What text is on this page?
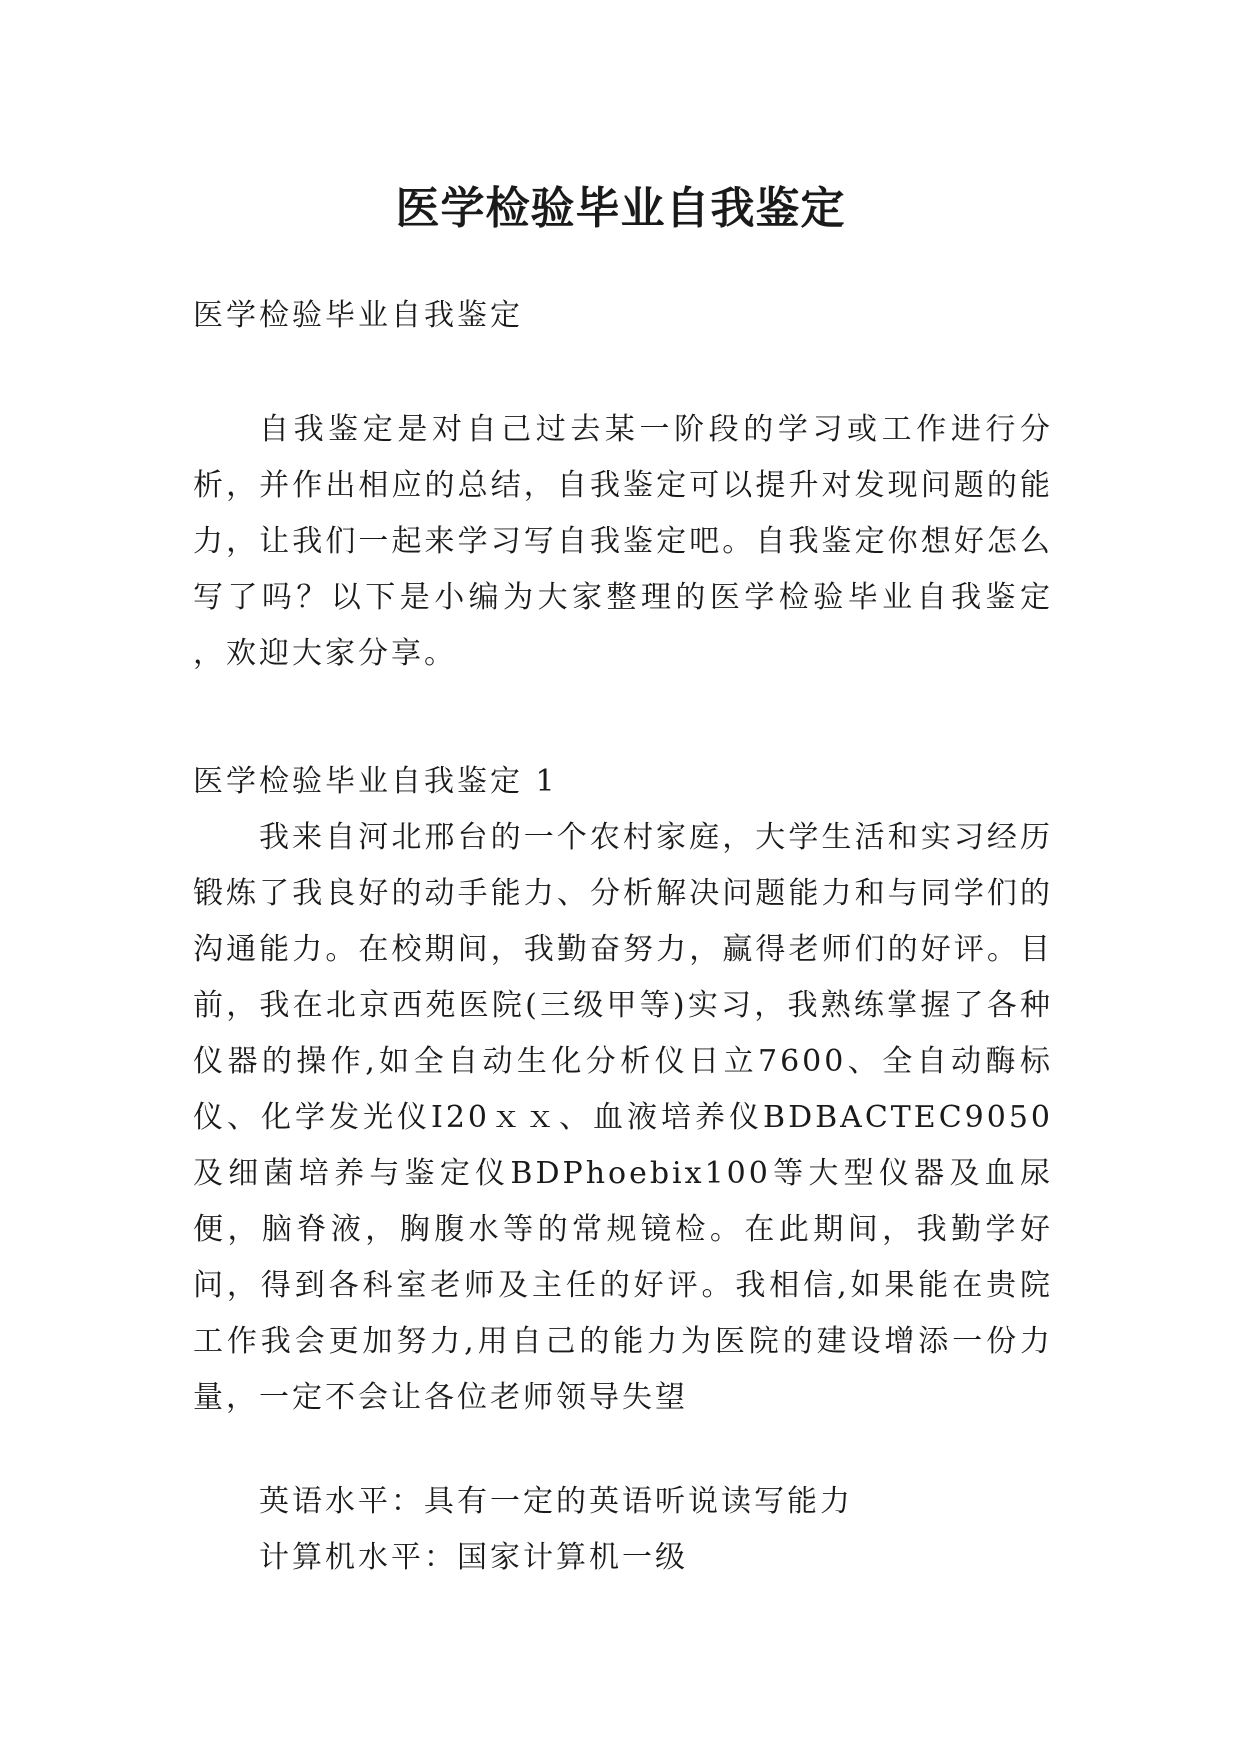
医学检验毕业自我鉴定

医学检验毕业自我鉴定

自我鉴定是对自己过去某一阶段的学习或工作进行分析，并作出相应的总结，自我鉴定可以提升对发现问题的能力，让我们一起来学习写自我鉴定吧。自我鉴定你想好怎么写了吗？以下是小编为大家整理的医学检验毕业自我鉴定 ，欢迎大家分享。

医学检验毕业自我鉴定 1

我来自河北邢台的一个农村家庭，大学生活和实习经历锻炼了我良好的动手能力、分析解决问题能力和与同学们的沟通能力。在校期间，我勤奋努力，赢得老师们的好评。目前，我在北京西苑医院(三级甲等)实习，我熟练掌握了各种仪器的操作,如全自动生化分析仪日立7600、全自动酶标仪、化学发光仪I20ｘｘ、血液培养仪BDBACTEC9050及细菌培养与鉴定仪BDPhoebix100等大型仪器及血尿便，脑脊液，胸腹水等的常规镜检。在此期间，我勤学好问，得到各科室老师及主任的好评。我相信,如果能在贵院工作我会更加努力,用自己的能力为医院的建设增添一份力量，一定不会让各位老师领导失望

英语水平：具有一定的英语听说读写能力

计算机水平：国家计算机一级
